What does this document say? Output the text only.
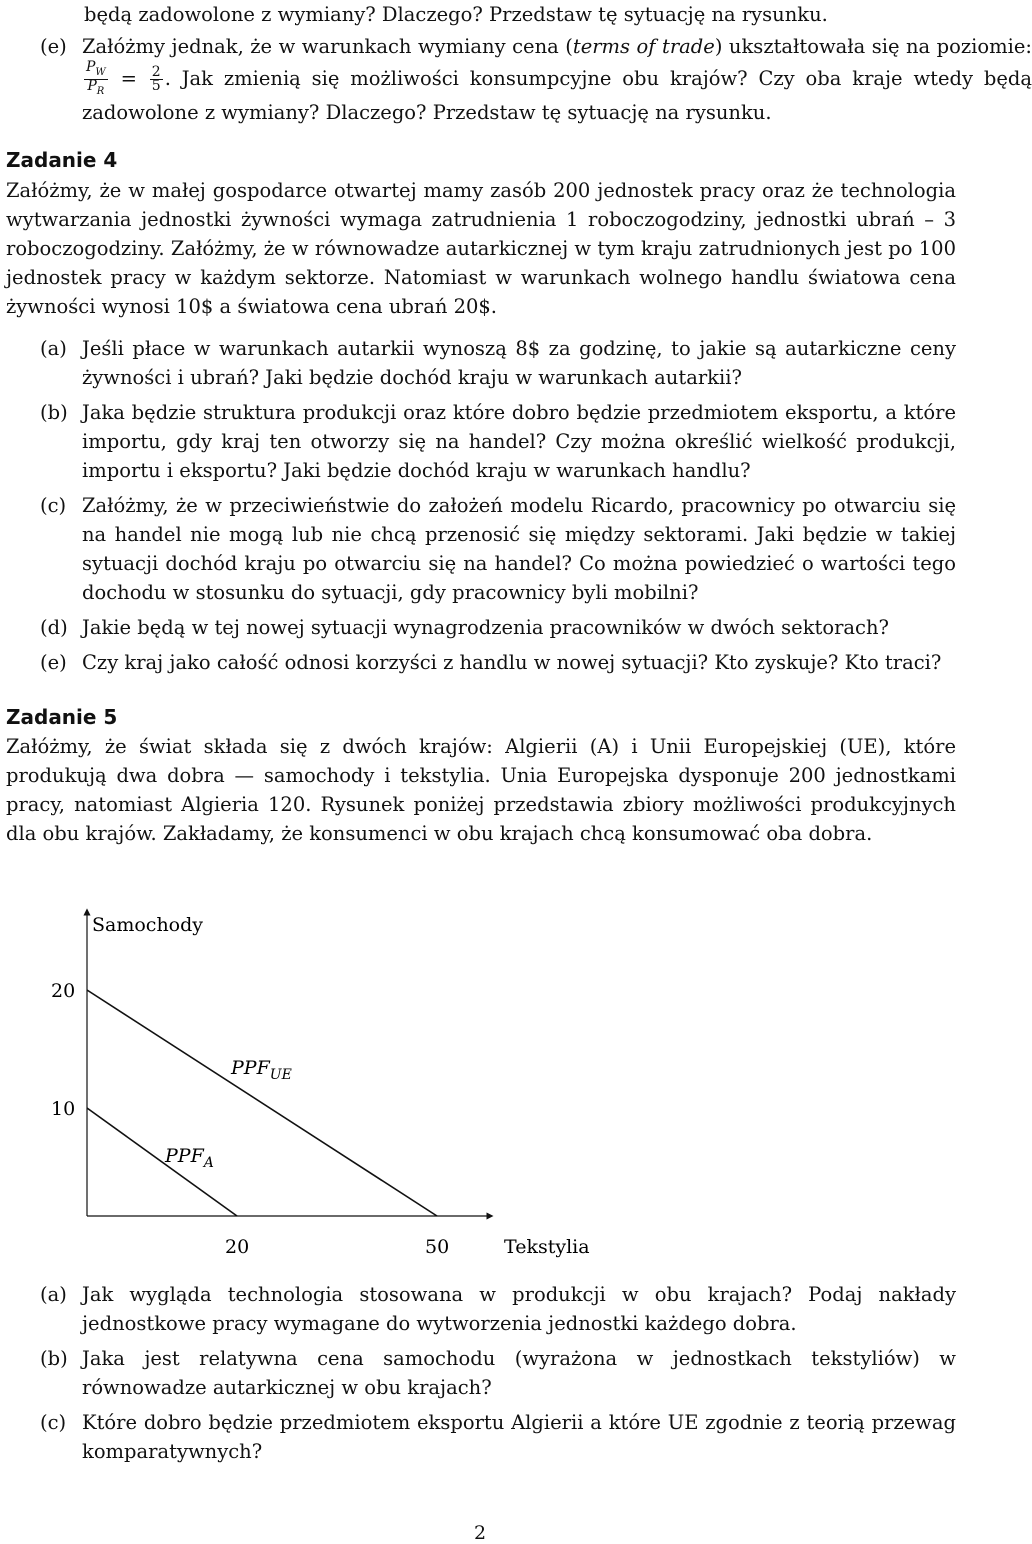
będą zadowolone z wymiany? Dlaczego? Przedstaw tę sytuację na rysunku.

(e) Załóżmy jednak, że w warunkach wymiany cena (terms of trade) ukształtowała się na poziomie:
$\frac{P_W}{P_R} = \frac{2}{5}$ . Jak zmienią się możliwości konsumpcyjne obu krajów? Czy oba kraje wtedy będą zadowolone z wymiany? Dlaczego? Przedstaw tę sytuację na rysunku.
Zadanie 4

Załóżmy, że w małej gospodarce otwartej mamy zasób 200 jednostek pracy oraz że technologia wytwarzania jednostki żywności wymaga zatrudnienia 1 roboczogodziny, jednostki ubrań – 3 roboczogodziny. Załóżmy, że w równowadze autarkicznej w tym kraju zatrudnionych jest po 100 jednostek pracy w każdym sektorze. Natomiast w warunkach wolnego handlu światowa cena żywności wynosi 10$ a światowa cena ubrań 20$.

(a) Jeśli płace w warunkach autarkii wynoszą 8$ za godzinę, to jakie są autarkiczne ceny żywności i ubrań? Jaki będzie dochód kraju w warunkach autarkii?
(b) Jaka będzie struktura produkcji oraz które dobro będzie przedmiotem eksportu, a które importu, gdy kraj ten otworzy się na handel? Czy można określić wielkość produkcji, importu i eksportu? Jaki będzie dochód kraju w warunkach handlu?
(c) Załóżmy, że w przeciwieństwie do założeń modelu Ricardo, pracownicy po otwarciu się na handel nie mogą lub nie chcą przenosić się między sektorami. Jaki będzie w takiej sytuacji dochód kraju po otwarciu się na handel? Co można powiedzieć o wartości tego dochodu w stosunku do sytuacji, gdy pracownicy byli mobilni?
(d) Jakie będą w tej nowej sytuacji wynagrodzenia pracowników w dwóch sektorach?
(e) Czy kraj jako całość odnosi korzyści z handlu w nowej sytuacji? Kto zyskuje? Kto traci?
Zadanie 5

Załóżmy, że świat składa się z dwóch krajów: Algierii (A) i Unii Europejskiej (UE), które produkują dwa dobra — samochody i tekstylia. Unia Europejska dysponuje 200 jednostkami pracy, natomiast Algieria 120. Rysunek poniżej przedstawia zbiory możliwości produkcyjnych dla obu krajów. Zakładamy, że konsumenci w obu krajach chcą konsumować oba dobra.

Samochody
Tekstylia
$PPF_{UE}$
$PPF_A$
10
20
20	50
(a) Jak wygląda technologia stosowana w produkcji w obu krajach? Podaj nakłady jednostkowe pracy wymagane do wytworzenia jednostki każdego dobra.
(b) Jaka jest relatywna cena samochodu (wyrażona w jednostkach tekstyliów) w równowadze autarkicznej w obu krajach?
(c) Które dobro będzie przedmiotem eksportu Algierii a które UE zgodnie z teorią przewag komparatywnych?
2
